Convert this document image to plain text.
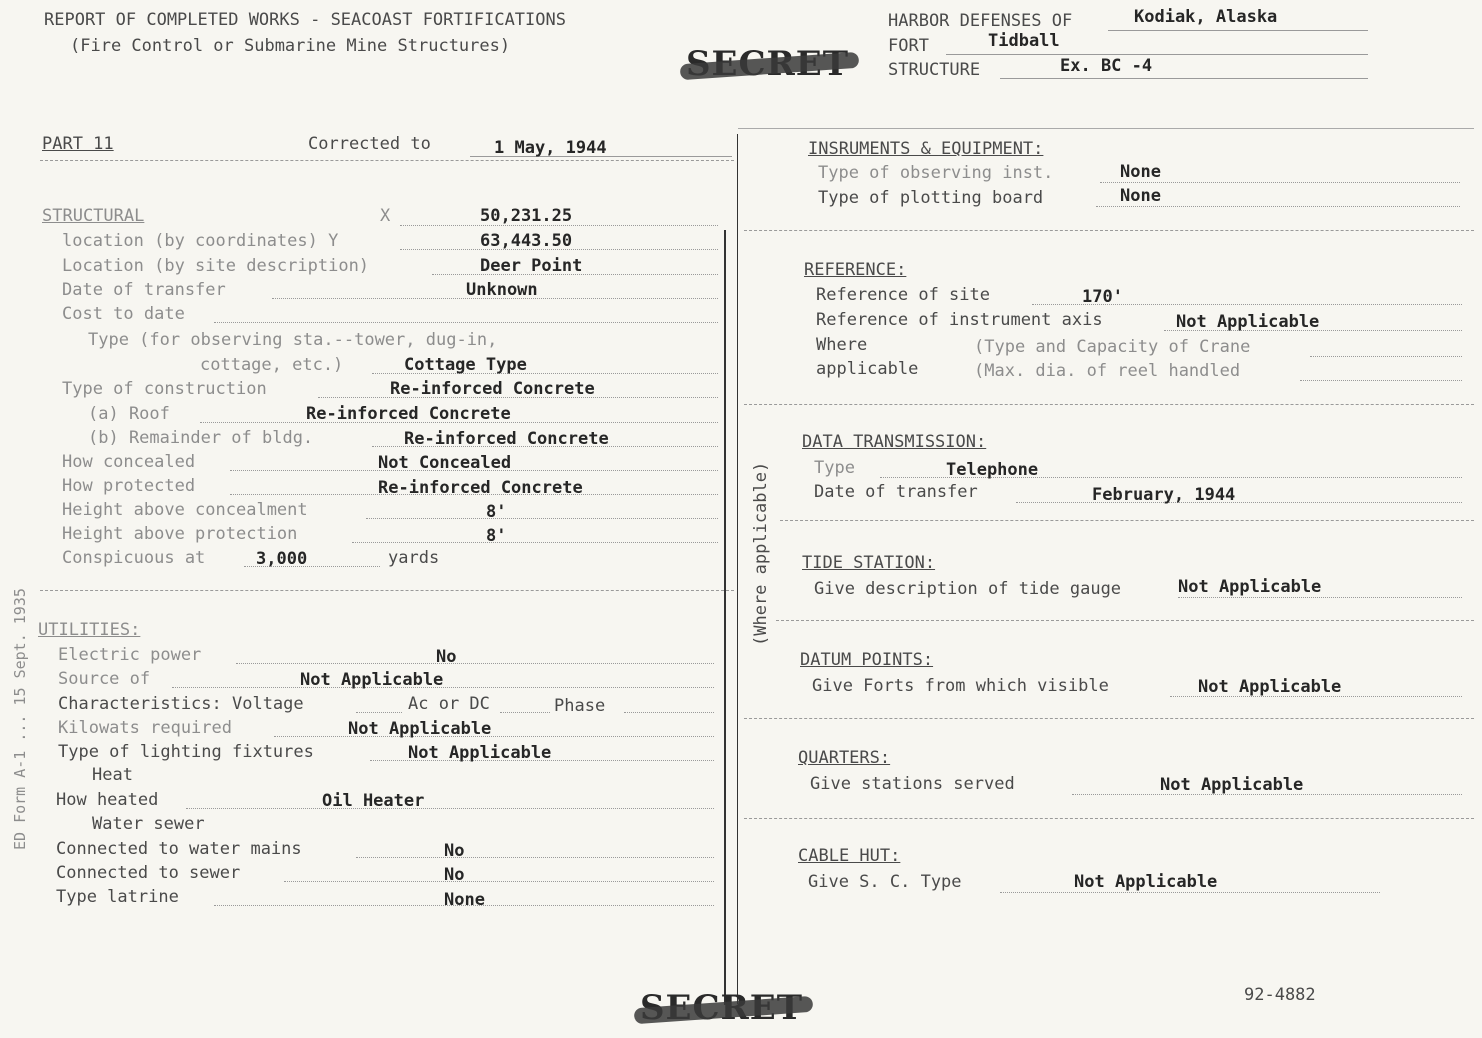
REPORT OF COMPLETED WORKS - SEACOAST FORTIFICATIONS
(Fire Control or Submarine Mine Structures)
HARBOR DEFENSES OF	Kodiak, Alaska
FORT	Tidball
STRUCTURE	Ex. BC -4
PART 11	Corrected to	1 May, 1944
ED Form A-1 ... 15 Sept. 1935
STRUCTURAL	X	50,231.25
location (by coordinates) Y	63,443.50
Location (by site description)	Deer Point
Date of transfer	Unknown
Cost to date
Type (for observing sta.--tower, dug-in,
cottage, etc.)	Cottage Type
Type of construction	Re-inforced Concrete
(a) Roof	Re-inforced Concrete
(b) Remainder of bldg.	Re-inforced Concrete
How concealed	Not Concealed
How protected	Re-inforced Concrete
Height above concealment	8'
Height above protection	8'
Conspicuous at	3,000	yards
UTILITIES:
Electric power	No
Source of	Not Applicable
Characteristics: Voltage	Ac or DC	Phase
Kilowats required	Not Applicable
Type of lighting fixtures	Not Applicable
Heat
How heated	Oil Heater
Water sewer
Connected to water mains	No
Connected to sewer	No
Type latrine	None
(Where applicable)
INSRUMENTS & EQUIPMENT:
Type of observing inst.	None
Type of plotting board	None
REFERENCE:
Reference of site	170'
Reference of instrument axis	Not Applicable
Where	(Type and Capacity of Crane
applicable	(Max. dia. of reel handled
DATA TRANSMISSION:
Type	Telephone
Date of transfer	February, 1944
TIDE STATION:
Give description of tide gauge	Not Applicable
DATUM POINTS:
Give Forts from which visible	Not Applicable
QUARTERS:
Give stations served	Not Applicable
CABLE HUT:
Give S. C. Type	Not Applicable
92-4882
